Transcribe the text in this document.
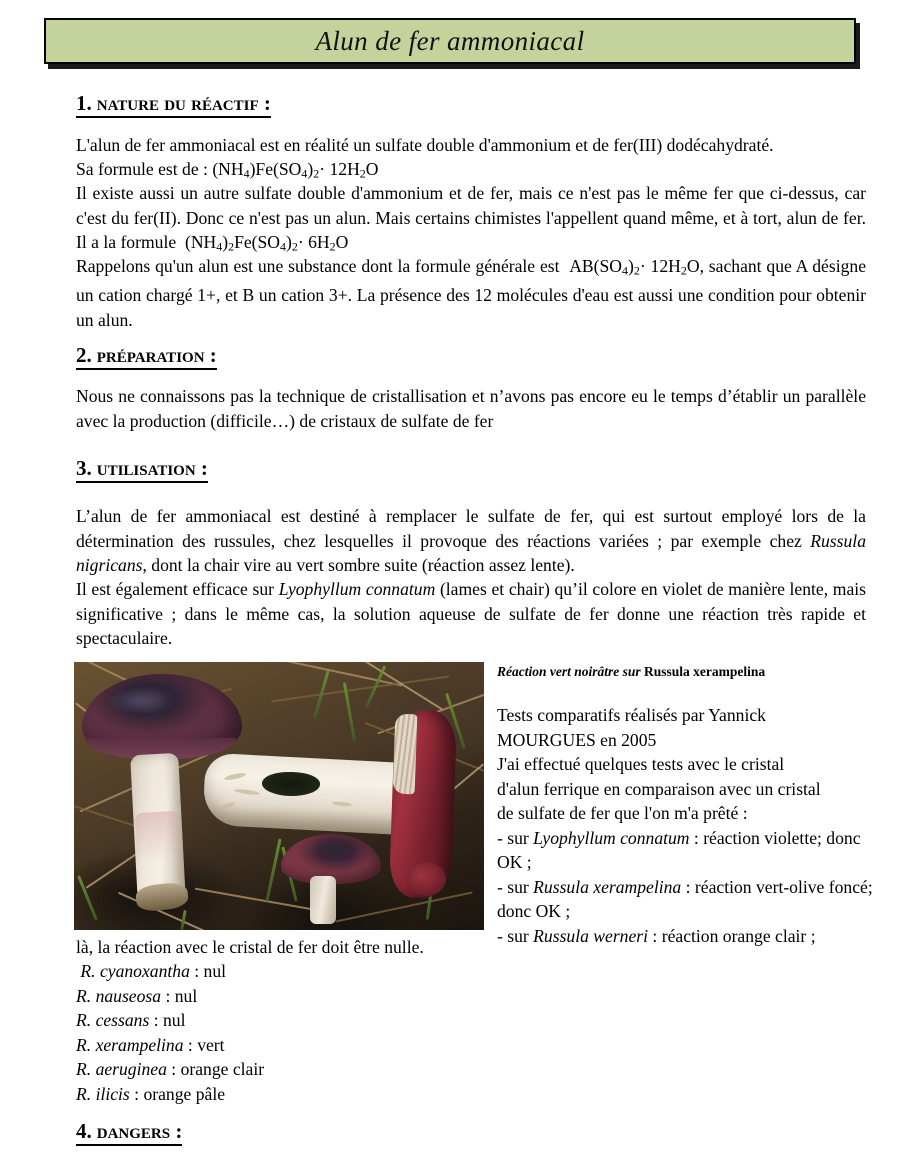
Alun de fer ammoniacal
1. nature du réactif :
L'alun de fer ammoniacal est en réalité un sulfate double d'ammonium et de fer(III) dodécahydraté.
Sa formule est de : $(NH_4)Fe(SO_4)_2\cdot 12H_2O$
Il existe aussi un autre sulfate double d'ammonium et de fer, mais ce n'est pas le même fer que ci-dessus, car c'est du fer(II). Donc ce n'est pas un alun. Mais certains chimistes l'appellent quand même, et à tort, alun de fer. Il a la formule  $(NH_4)_2Fe(SO_4)_2\cdot 6H_2O$
Rappelons qu'un alun est une substance dont la formule générale est  $AB(SO_4)_2\cdot 12H_2O$, sachant que A désigne un cation chargé 1+, et B un cation 3+. La présence des 12 molécules d'eau est aussi une condition pour obtenir un alun.
2. préparation :
Nous ne connaissons pas la technique de cristallisation et n’avons pas encore eu le temps d’établir un parallèle avec la production (difficile…) de cristaux de sulfate de fer
3. utilisation :
L’alun de fer ammoniacal est destiné à remplacer le sulfate de fer, qui est surtout employé lors de la détermination des russules, chez lesquelles il provoque des réactions variées ; par exemple chez Russula nigricans, dont la chair vire au vert sombre suite (réaction assez lente).
Il est également efficace sur Lyophyllum connatum (lames et chair) qu’il colore en violet de manière lente, mais significative ; dans le même cas, la solution aqueuse de sulfate de fer donne une réaction très rapide et spectaculaire.
Réaction vert noirâtre sur Russula xerampelina
Tests comparatifs réalisés par Yannick
MOURGUES en 2005
J'ai effectué quelques tests avec le cristal
d'alun ferrique en comparaison avec un cristal
de sulfate de fer que l'on m'a prêté :
- sur Lyophyllum connatum : réaction violette; donc OK ;
- sur Russula xerampelina : réaction vert-olive foncé; donc OK ;
- sur Russula werneri : réaction orange clair ;
là, la réaction avec le cristal de fer doit être nulle.
R. cyanoxantha : nul
R. nauseosa : nul
R. cessans : nul
R. xerampelina : vert
R. aeruginea : orange clair
R. ilicis : orange pâle
4. dangers :
